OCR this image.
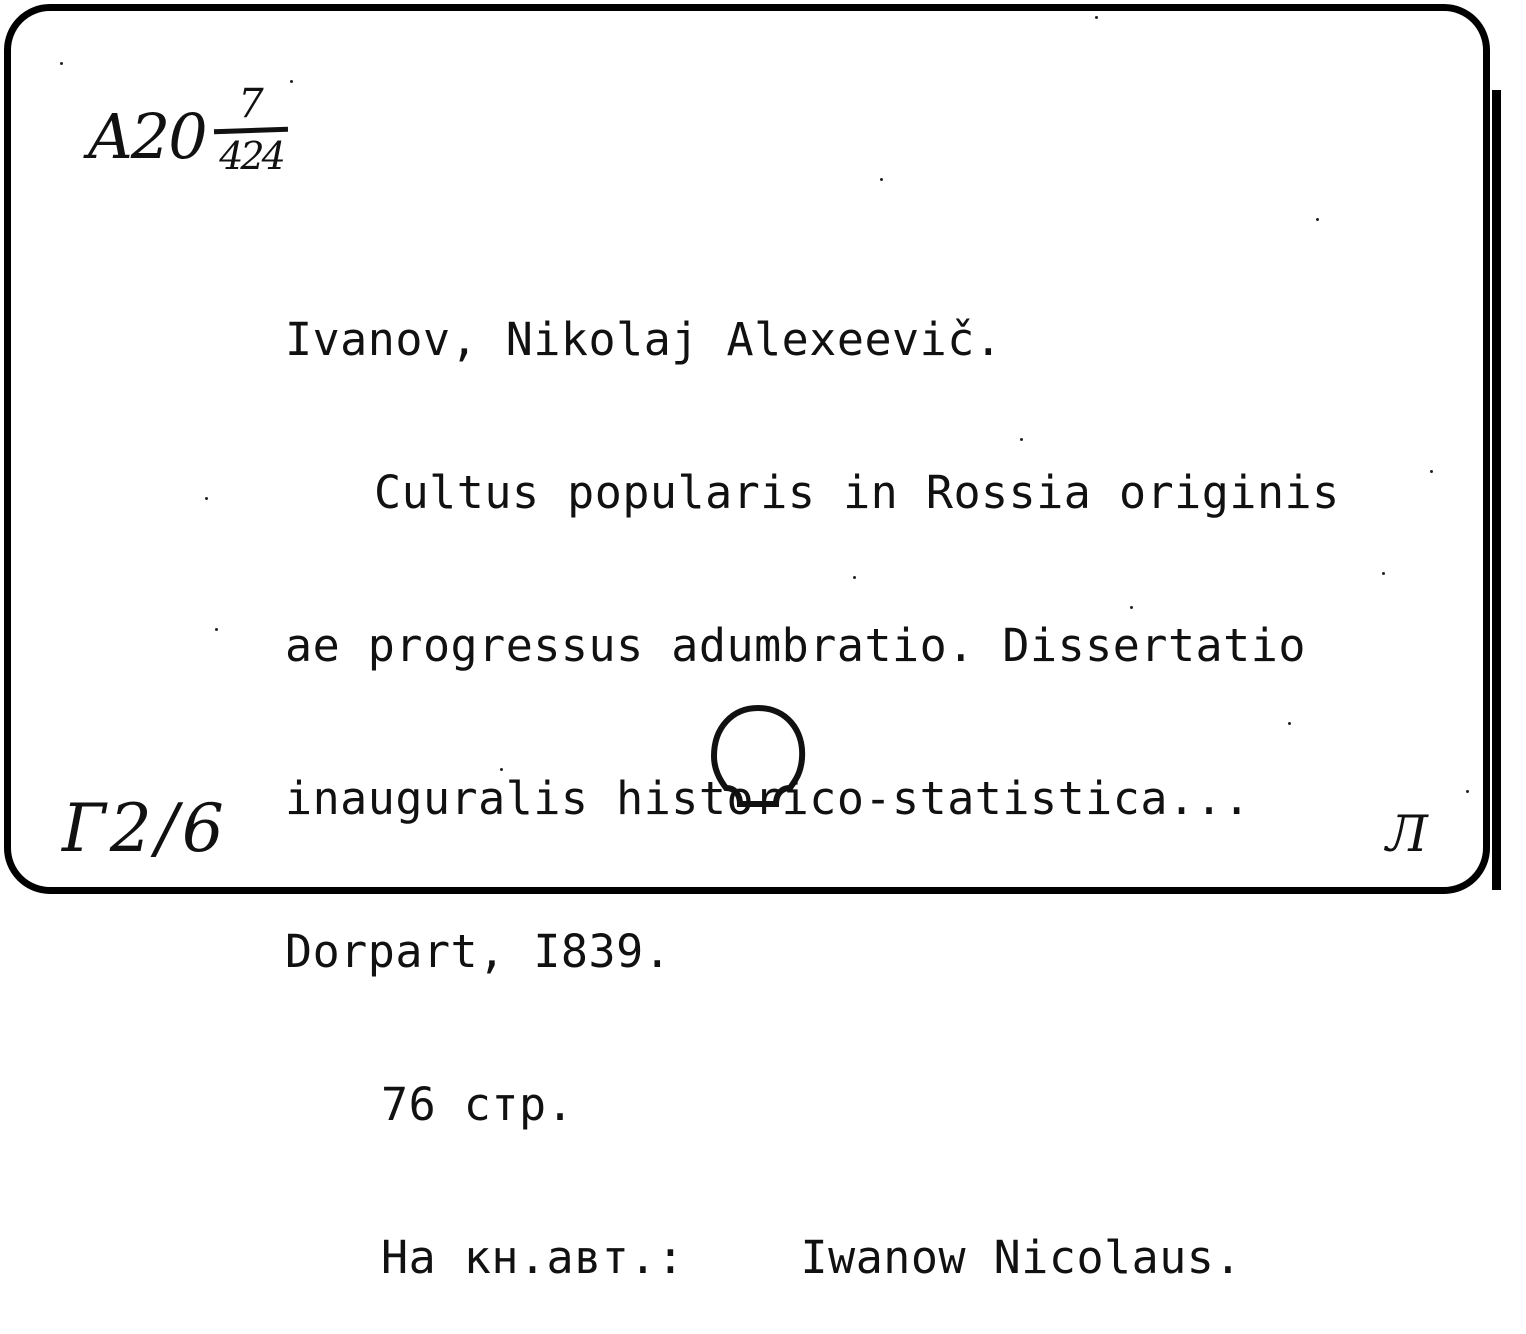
A20 7
424

Ivanov, Nikolaj Alexeevič.

Cultus popularis in Rossia originis

ae progressus adumbratio. Dissertatio

inauguralis historico-statistica...

Dorpart, I839.

76 стр.

На кн.авт.:	Iwanow Nicolaus.

Г2/6	Л
